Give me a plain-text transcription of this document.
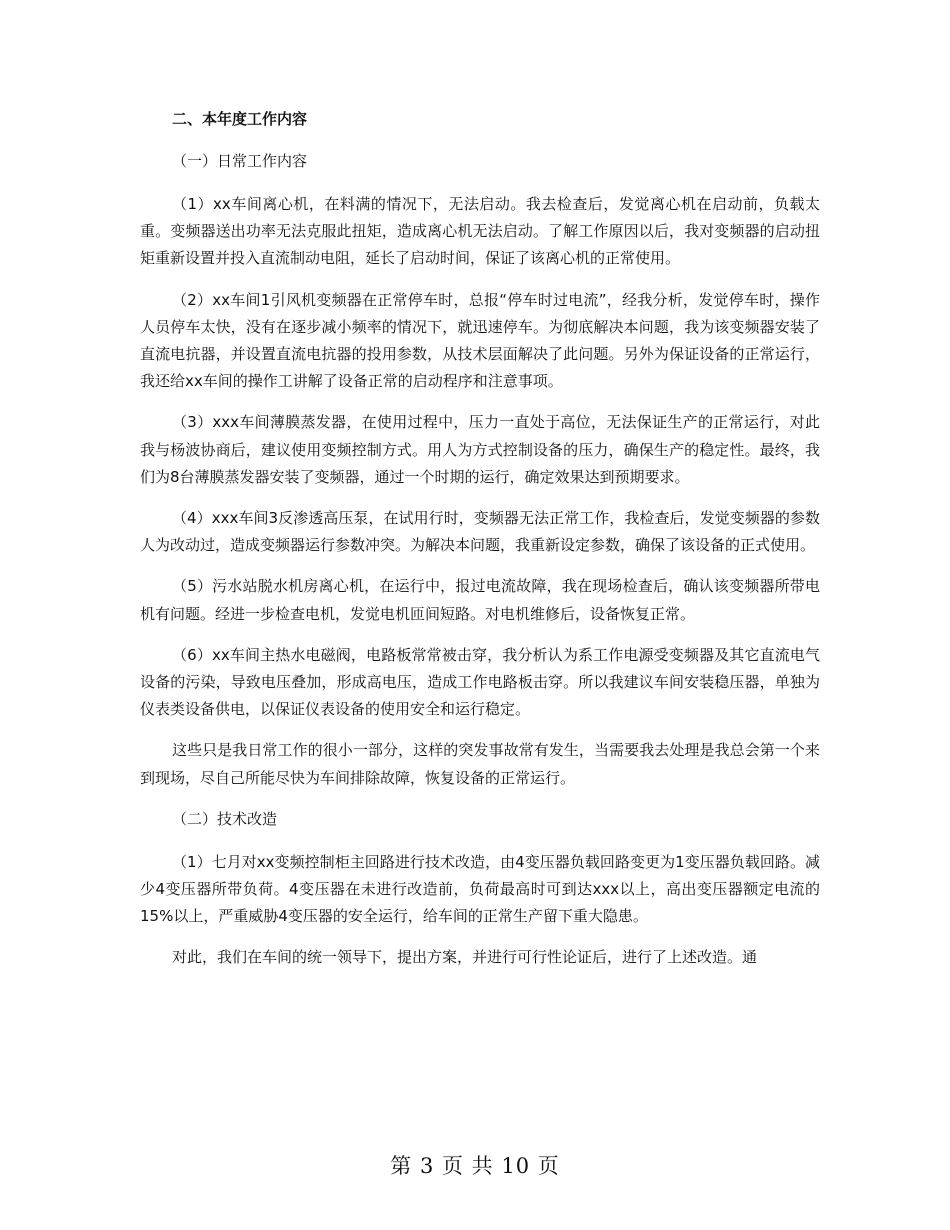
二、本年度工作内容
（一）日常工作内容

（1）xx车间离心机，在料满的情况下，无法启动。我去检查后，发觉离心机在启动前，负载太重。变频器送出功率无法克服此扭矩，造成离心机无法启动。了解工作原因以后，我对变频器的启动扭矩重新设置并投入直流制动电阻，延长了启动时间，保证了该离心机的正常使用。

（2）xx车间1引风机变频器在正常停车时，总报“停车时过电流”，经我分析，发觉停车时，操作人员停车太快，没有在逐步减小频率的情况下，就迅速停车。为彻底解决本问题，我为该变频器安装了直流电抗器，并设置直流电抗器的投用参数，从技术层面解决了此问题。另外为保证设备的正常运行，我还给xx车间的操作工讲解了设备正常的启动程序和注意事项。

（3）xxx车间薄膜蒸发器，在使用过程中，压力一直处于高位，无法保证生产的正常运行，对此我与杨波协商后，建议使用变频控制方式。用人为方式控制设备的压力，确保生产的稳定性。最终，我们为8台薄膜蒸发器安装了变频器，通过一个时期的运行，确定效果达到预期要求。

（4）xxx车间3反渗透高压泵，在试用行时，变频器无法正常工作，我检查后，发觉变频器的参数人为改动过，造成变频器运行参数冲突。为解决本问题，我重新设定参数，确保了该设备的正式使用。

（5）污水站脱水机房离心机，在运行中，报过电流故障，我在现场检查后，确认该变频器所带电机有问题。经进一步检查电机，发觉电机匝间短路。对电机维修后，设备恢复正常。

（6）xx车间主热水电磁阀，电路板常常被击穿，我分析认为系工作电源受变频器及其它直流电气设备的污染，导致电压叠加，形成高电压，造成工作电路板击穿。所以我建议车间安装稳压器，单独为仪表类设备供电，以保证仪表设备的使用安全和运行稳定。

这些只是我日常工作的很小一部分，这样的突发事故常有发生，当需要我去处理是我总会第一个来到现场，尽自己所能尽快为车间排除故障，恢复设备的正常运行。

（二）技术改造

（1）七月对xx变频控制柜主回路进行技术改造，由4变压器负载回路变更为1变压器负载回路。减少4变压器所带负荷。4变压器在未进行改造前，负荷最高时可到达xxx以上，高出变压器额定电流的15%以上，严重威胁4变压器的安全运行，给车间的正常生产留下重大隐患。

对此，我们在车间的统一领导下，提出方案，并进行可行性论证后，进行了上述改造。通

第 3 页 共 10 页
